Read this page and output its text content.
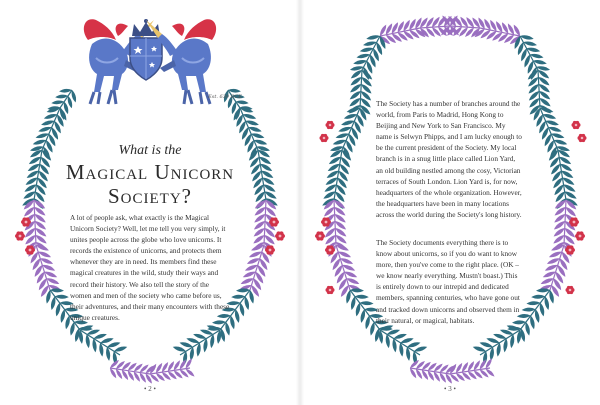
Est. 639 BCE
What is the
Magical Unicorn
Society?

A lot of people ask, what exactly is the Magical Unicorn Society? Well, let me tell you very simply, it unites people across the globe who love unicorns. It records the existence of unicorns, and protects them whenever they are in need. Its members find these magical creatures in the wild, study their ways and record their history. We also tell the story of the women and men of the society who came before us, their adventures, and their many encounters with these unique creatures.

• 2 •

The Society has a number of branches around the world, from Paris to Madrid, Hong Kong to Beijing and New York to San Francisco. My name is Selwyn Phipps, and I am lucky enough to be the current president of the Society. My local branch is in a snug little place called Lion Yard, an old building nestled among the cosy, Victorian terraces of South London. Lion Yard is, for now, headquarters of the whole organization. However, the headquarters have been in many locations across the world during the Society's long history.

The Society documents everything there is to know about unicorns, so if you do want to know more, then you've come to the right place. (OK – we know nearly everything. Mustn't boast.) This is entirely down to our intrepid and dedicated members, spanning centuries, who have gone out and tracked down unicorns and observed them in their natural, or magical, habitats.

• 3 •
